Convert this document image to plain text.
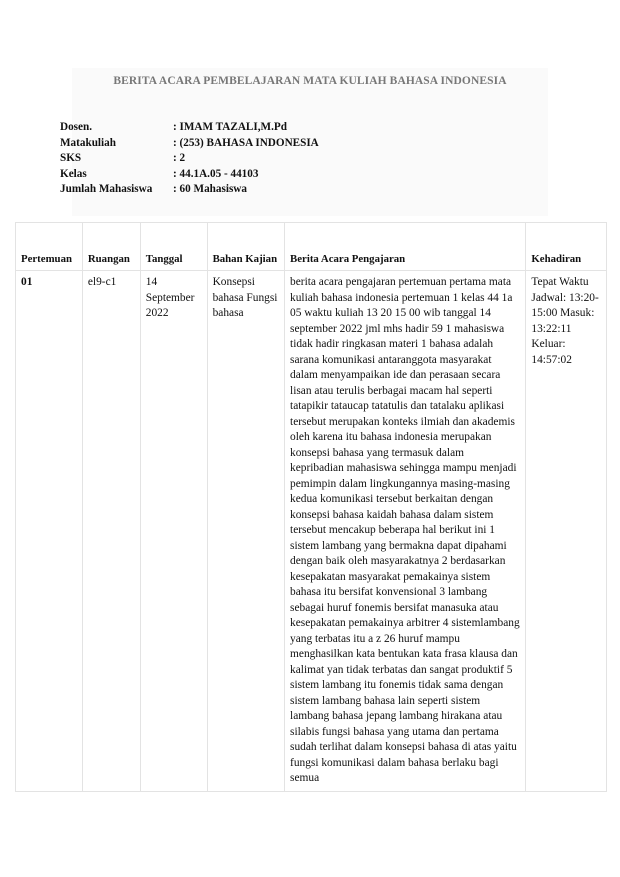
BERITA ACARA PEMBELAJARAN MATA KULIAH BAHASA INDONESIA
Dosen.	: IMAM TAZALI,M.Pd
Matakuliah	: (253) BAHASA INDONESIA
SKS	: 2
Kelas	: 44.1A.05 - 44103
Jumlah Mahasiswa	: 60 Mahasiswa
Pertemuan	Ruangan	Tanggal	Bahan Kajian	Berita Acara Pengajaran	Kehadiran
01	el9-c1	14 September 2022	Konsepsi bahasa Fungsi bahasa	berita acara pengajaran pertemuan pertama mata kuliah bahasa indonesia pertemuan 1 kelas 44 1a 05 waktu kuliah 13 20 15 00 wib tanggal 14 september 2022 jml mhs hadir 59 1 mahasiswa tidak hadir ringkasan materi 1 bahasa adalah sarana komunikasi antaranggota masyarakat dalam menyampaikan ide dan perasaan secara lisan atau terulis berbagai macam hal seperti tatapikir tataucap tatatulis dan tatalaku aplikasi tersebut merupakan konteks ilmiah dan akademis oleh karena itu bahasa indonesia merupakan konsepsi bahasa yang termasuk dalam kepribadian mahasiswa sehingga mampu menjadi pemimpin dalam lingkungannya masing-masing kedua komunikasi tersebut berkaitan dengan konsepsi bahasa kaidah bahasa dalam sistem tersebut mencakup beberapa hal berikut ini 1 sistem lambang yang bermakna dapat dipahami dengan baik oleh masyarakatnya 2 berdasarkan kesepakatan masyarakat pemakainya sistem bahasa itu bersifat konvensional 3 lambang sebagai huruf fonemis bersifat manasuka atau kesepakatan pemakainya arbitrer 4 sistemlambang yang terbatas itu a z 26 huruf mampu menghasilkan kata bentukan kata frasa klausa dan kalimat yan tidak terbatas dan sangat produktif 5 sistem lambang itu fonemis tidak sama dengan sistem lambang bahasa lain seperti sistem lambang bahasa jepang lambang hirakana atau silabis fungsi bahasa yang utama dan pertama sudah terlihat dalam konsepsi bahasa di atas yaitu fungsi komunikasi dalam bahasa berlaku bagi semua	Tepat Waktu Jadwal: 13:20-15:00 Masuk: 13:22:11 Keluar: 14:57:02
